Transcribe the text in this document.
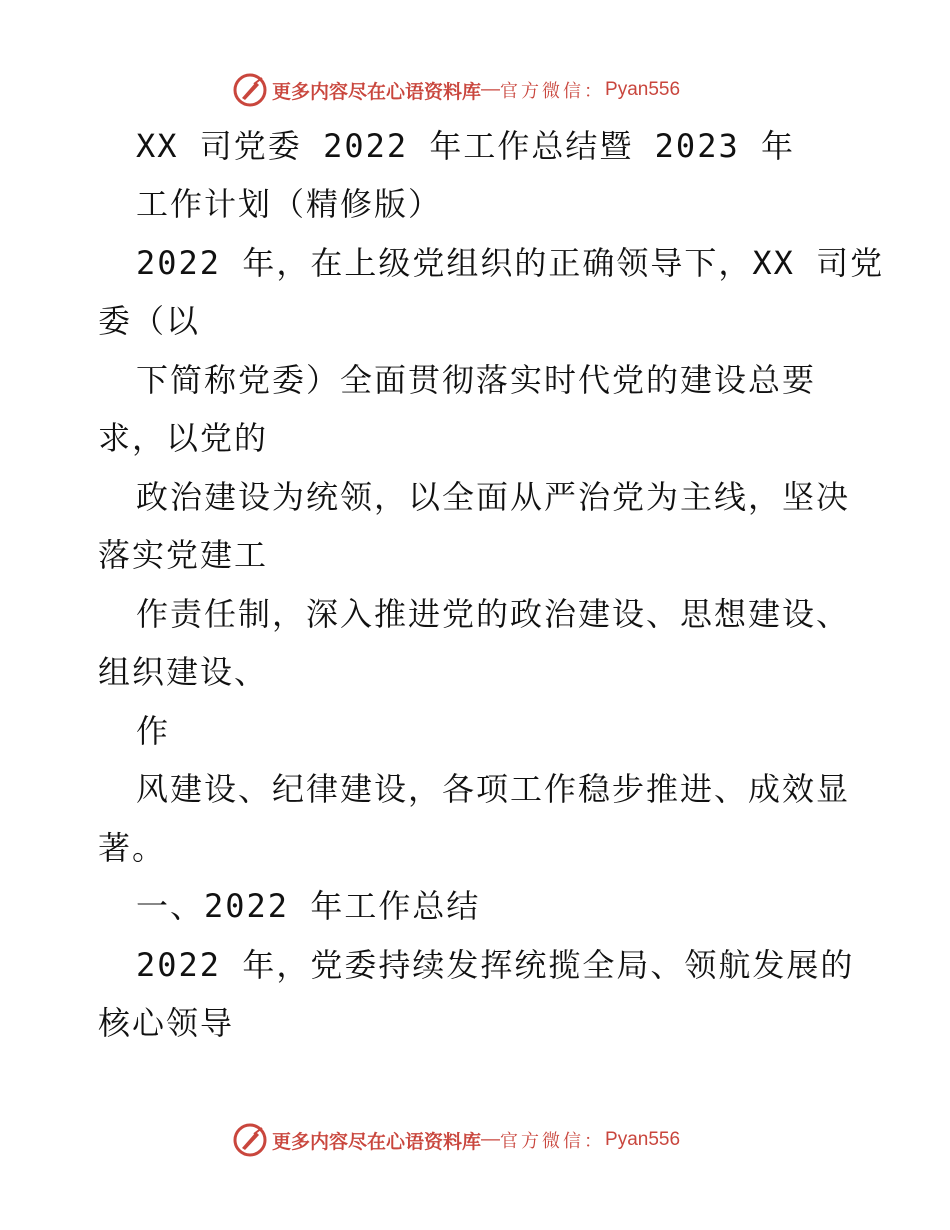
更多内容尽在心语资料库 — 官方微信： Pyan556
XX 司党委 2022 年工作总结暨 2023 年
工作计划（精修版）
2022 年，在上级党组织的正确领导下，XX 司党
委（以
下简称党委）全面贯彻落实时代党的建设总要
求，以党的
政治建设为统领，以全面从严治党为主线，坚决
落实党建工
作责任制，深入推进党的政治建设、思想建设、
组织建设、
作
风建设、纪律建设，各项工作稳步推进、成效显
著。
一、2022 年工作总结
2022 年，党委持续发挥统揽全局、领航发展的
核心领导
更多内容尽在心语资料库 — 官方微信： Pyan556
